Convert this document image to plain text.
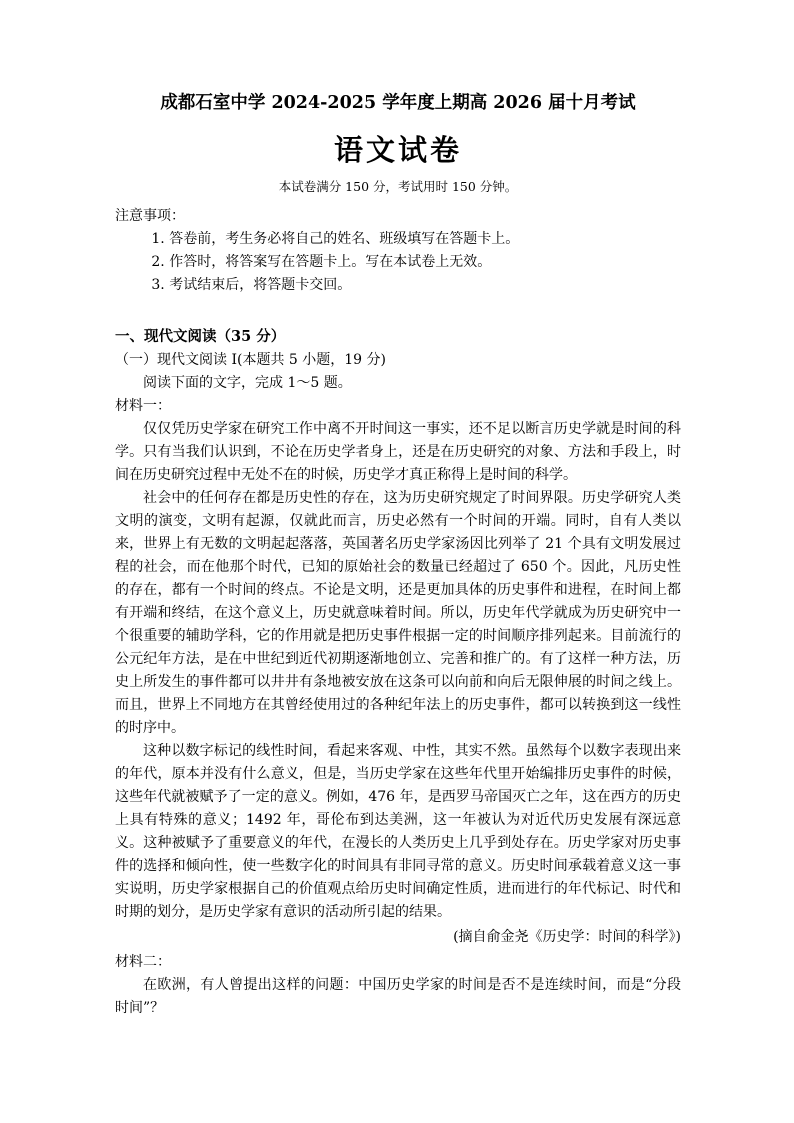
成都石室中学 2024-2025 学年度上期高 2026 届十月考试
语文试卷

本试卷满分 150 分，考试用时 150 分钟。

注意事项：

1. 答卷前，考生务必将自己的姓名、班级填写在答题卡上。

2. 作答时，将答案写在答题卡上。写在本试卷上无效。

3. 考试结束后，将答题卡交回。

一、现代文阅读（35 分）

（一）现代文阅读 I(本题共 5 小题，19 分)

阅读下面的文字，完成 1～5 题。

材料一：

仅仅凭历史学家在研究工作中离不开时间这一事实，还不足以断言历史学就是时间的科学。只有当我们认识到，不论在历史学者身上，还是在历史研究的对象、方法和手段上，时间在历史研究过程中无处不在的时候，历史学才真正称得上是时间的科学。

社会中的任何存在都是历史性的存在，这为历史研究规定了时间界限。历史学研究人类文明的演变，文明有起源，仅就此而言，历史必然有一个时间的开端。同时，自有人类以来，世界上有无数的文明起起落落，英国著名历史学家汤因比列举了 21 个具有文明发展过程的社会，而在他那个时代，已知的原始社会的数量已经超过了 650 个。因此，凡历史性的存在，都有一个时间的终点。不论是文明，还是更加具体的历史事件和进程，在时间上都有开端和终结，在这个意义上，历史就意味着时间。所以，历史年代学就成为历史研究中一个很重要的辅助学科，它的作用就是把历史事件根据一定的时间顺序排列起来。目前流行的公元纪年方法，是在中世纪到近代初期逐渐地创立、完善和推广的。有了这样一种方法，历史上所发生的事件都可以井井有条地被安放在这条可以向前和向后无限伸展的时间之线上。而且，世界上不同地方在其曾经使用过的各种纪年法上的历史事件，都可以转换到这一线性的时序中。

这种以数字标记的线性时间，看起来客观、中性，其实不然。虽然每个以数字表现出来的年代，原本并没有什么意义，但是，当历史学家在这些年代里开始编排历史事件的时候，这些年代就被赋予了一定的意义。例如，476 年，是西罗马帝国灭亡之年，这在西方的历史上具有特殊的意义；1492 年，哥伦布到达美洲，这一年被认为对近代历史发展有深远意义。这种被赋予了重要意义的年代，在漫长的人类历史上几乎到处存在。历史学家对历史事件的选择和倾向性，使一些数字化的时间具有非同寻常的意义。历史时间承载着意义这一事实说明，历史学家根据自己的价值观点给历史时间确定性质，进而进行的年代标记、时代和时期的划分，是历史学家有意识的活动所引起的结果。

(摘自俞金尧《历史学：时间的科学》)

材料二：

在欧洲，有人曾提出这样的问题：中国历史学家的时间是否不是连续时间，而是“分段时间”？
